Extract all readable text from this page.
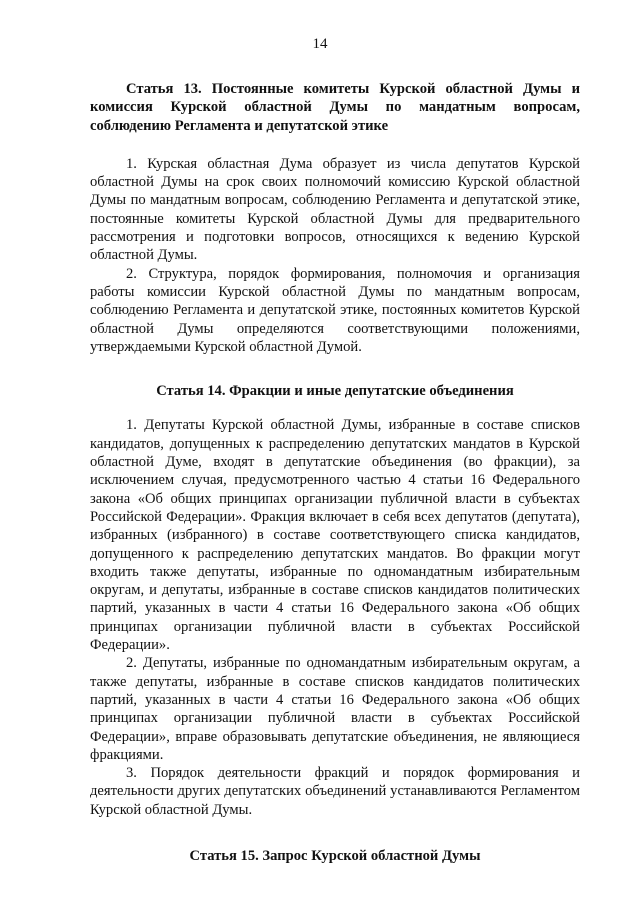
14

Статья 13. Постоянные комитеты Курской областной Думы и комиссия Курской областной Думы по мандатным вопросам, соблюдению Регламента и депутатской этике

1. Курская областная Дума образует из числа депутатов Курской областной Думы на срок своих полномочий комиссию Курской областной Думы по мандатным вопросам, соблюдению Регламента и депутатской этике, постоянные комитеты Курской областной Думы для предварительного рассмотрения и подготовки вопросов, относящихся к ведению Курской областной Думы.

2. Структура, порядок формирования, полномочия и организация работы комиссии Курской областной Думы по мандатным вопросам, соблюдению Регламента и депутатской этике, постоянных комитетов Курской областной Думы определяются соответствующими положениями, утверждаемыми Курской областной Думой.

Статья 14. Фракции и иные депутатские объединения

1. Депутаты Курской областной Думы, избранные в составе списков кандидатов, допущенных к распределению депутатских мандатов в Курской областной Думе, входят в депутатские объединения (во фракции), за исключением случая, предусмотренного частью 4 статьи 16 Федерального закона «Об общих принципах организации публичной власти в субъектах Российской Федерации». Фракция включает в себя всех депутатов (депутата), избранных (избранного) в составе соответствующего списка кандидатов, допущенного к распределению депутатских мандатов. Во фракции могут входить также депутаты, избранные по одномандатным избирательным округам, и депутаты, избранные в составе списков кандидатов политических партий, указанных в части 4 статьи 16 Федерального закона «Об общих принципах организации публичной власти в субъектах Российской Федерации».

2. Депутаты, избранные по одномандатным избирательным округам, а также депутаты, избранные в составе списков кандидатов политических партий, указанных в части 4 статьи 16 Федерального закона «Об общих принципах организации публичной власти в субъектах Российской Федерации», вправе образовывать депутатские объединения, не являющиеся фракциями.

3. Порядок деятельности фракций и порядок формирования и деятельности других депутатских объединений устанавливаются Регламентом Курской областной Думы.

Статья 15. Запрос Курской областной Думы
